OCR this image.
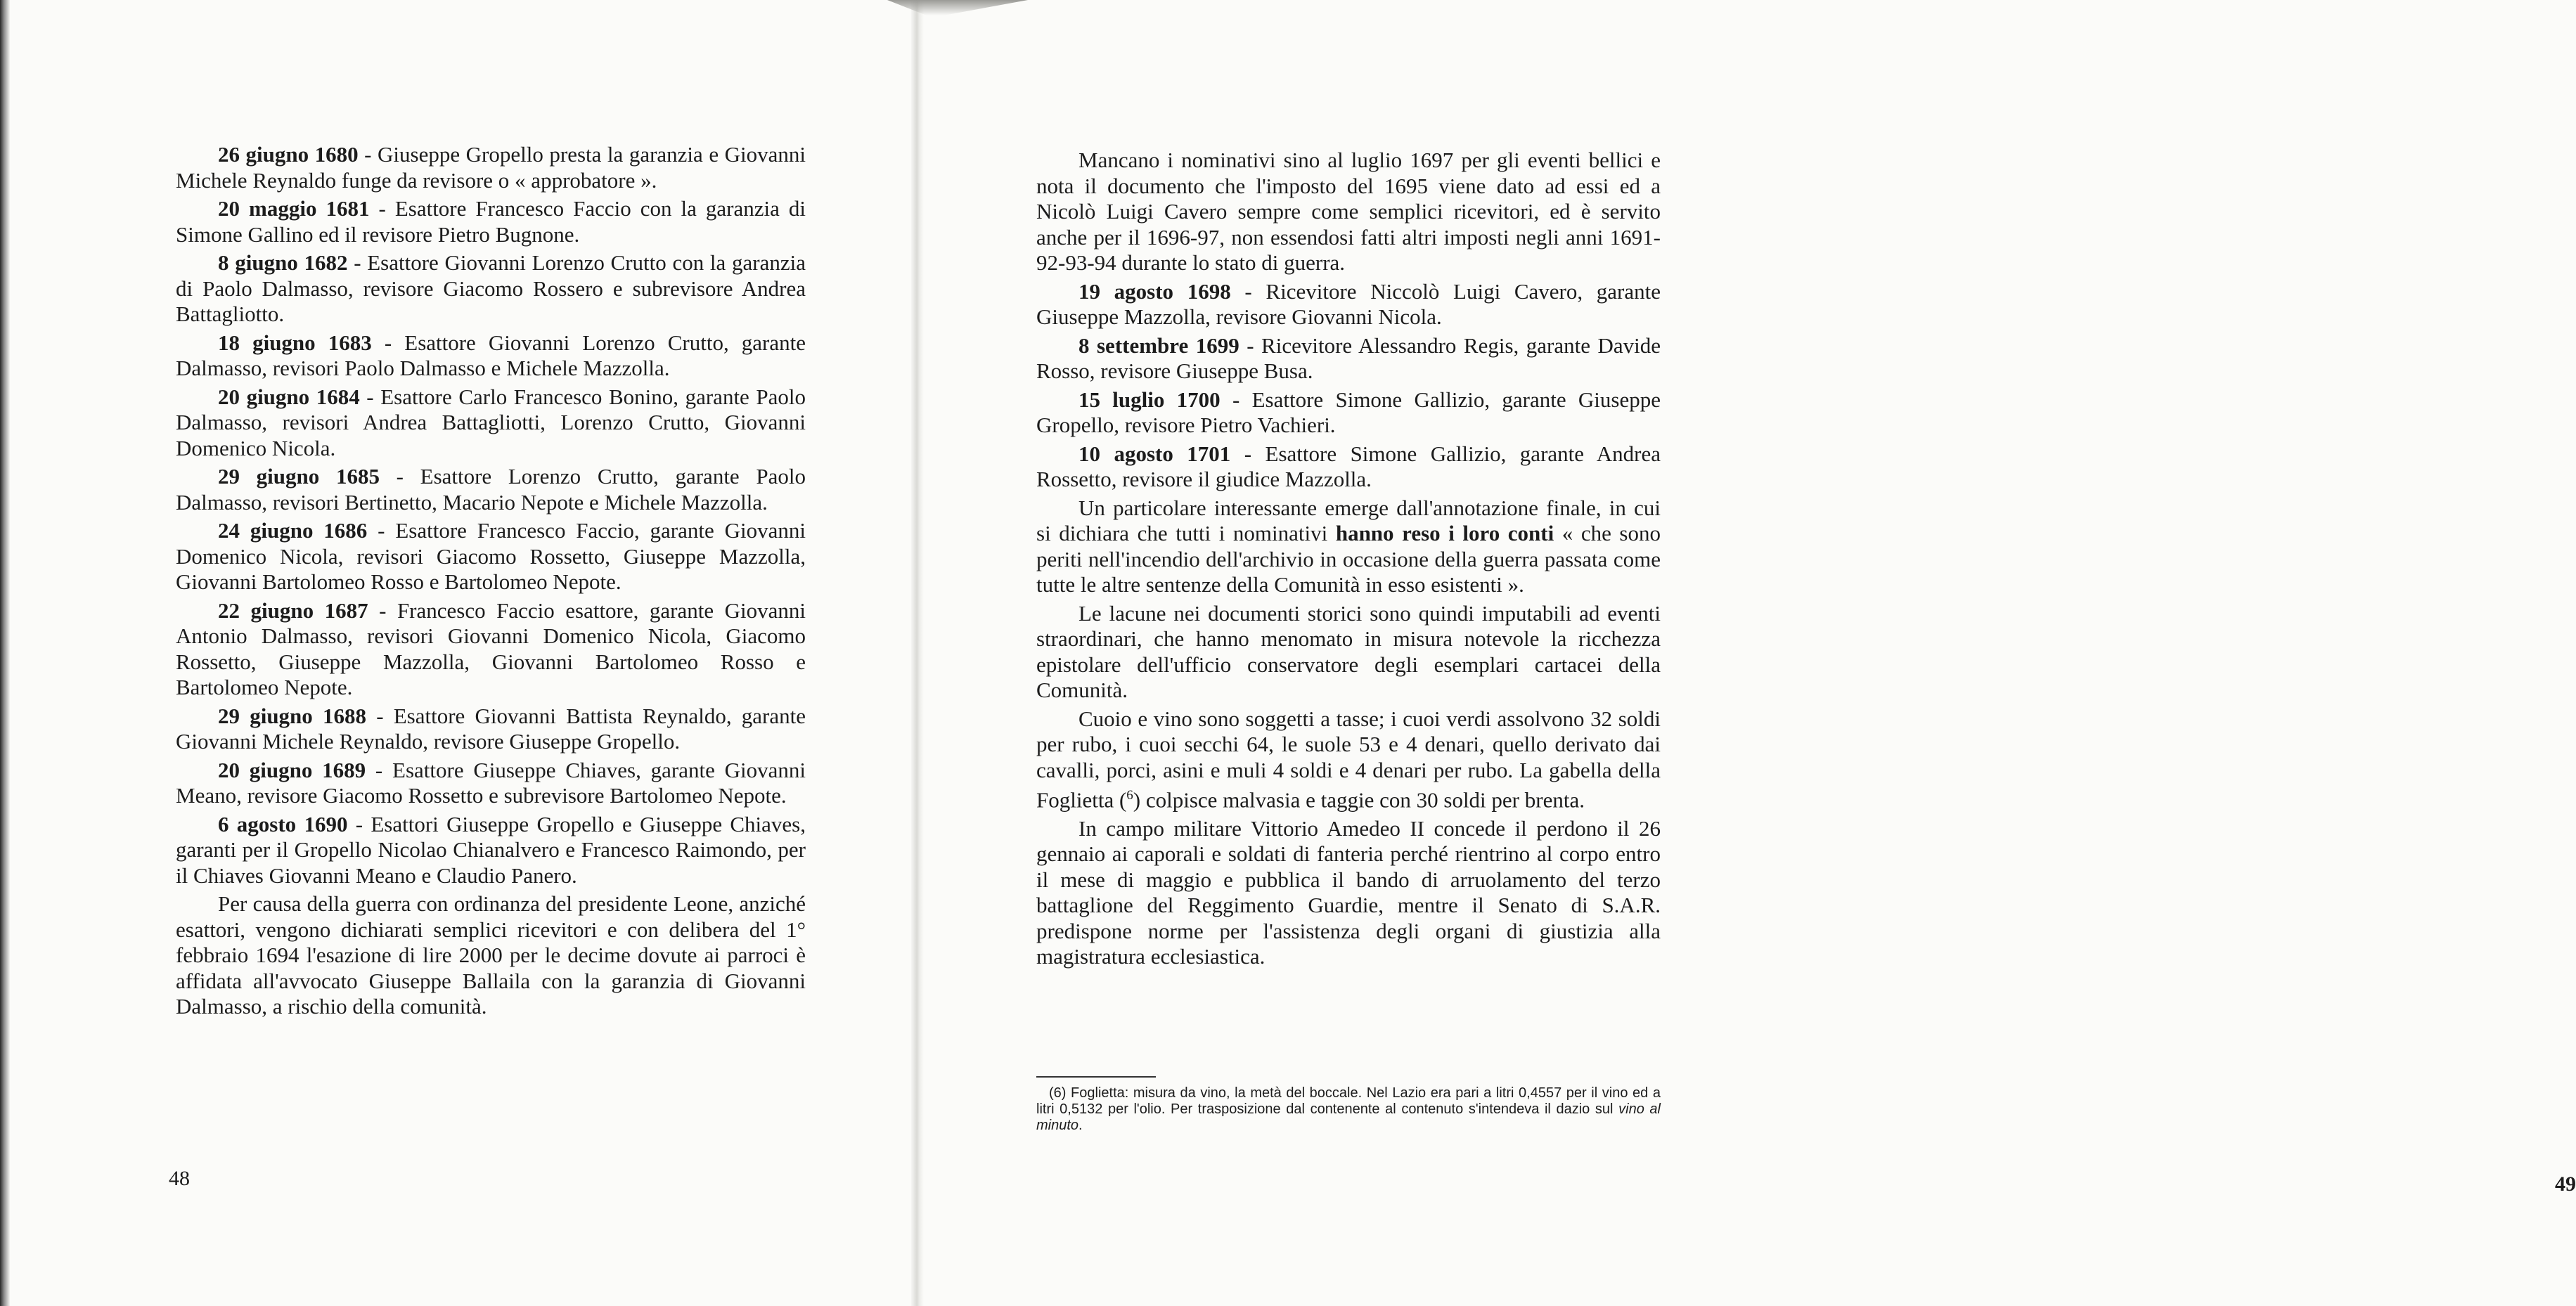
26 giugno 1680 - Giuseppe Gropello presta la garanzia e Giovanni Michele Reynaldo funge da revisore o « approbatore ».

20 maggio 1681 - Esattore Francesco Faccio con la garanzia di Simone Gallino ed il revisore Pietro Bugnone.

8 giugno 1682 - Esattore Giovanni Lorenzo Crutto con la garanzia di Paolo Dalmasso, revisore Giacomo Rossero e subrevisore Andrea Battagliotto.

18 giugno 1683 - Esattore Giovanni Lorenzo Crutto, garante Dalmasso, revisori Paolo Dalmasso e Michele Mazzolla.

20 giugno 1684 - Esattore Carlo Francesco Bonino, garante Paolo Dalmasso, revisori Andrea Battagliotti, Lorenzo Crutto, Giovanni Domenico Nicola.

29 giugno 1685 - Esattore Lorenzo Crutto, garante Paolo Dalmasso, revisori Bertinetto, Macario Nepote e Michele Mazzolla.

24 giugno 1686 - Esattore Francesco Faccio, garante Giovanni Domenico Nicola, revisori Giacomo Rossetto, Giuseppe Mazzolla, Giovanni Bartolomeo Rosso e Bartolomeo Nepote.

22 giugno 1687 - Francesco Faccio esattore, garante Giovanni Antonio Dalmasso, revisori Giovanni Domenico Nicola, Giacomo Rossetto, Giuseppe Mazzolla, Giovanni Bartolomeo Rosso e Bartolomeo Nepote.

29 giugno 1688 - Esattore Giovanni Battista Reynaldo, garante Giovanni Michele Reynaldo, revisore Giuseppe Gropello.

20 giugno 1689 - Esattore Giuseppe Chiaves, garante Giovanni Meano, revisore Giacomo Rossetto e subrevisore Bartolomeo Nepote.

6 agosto 1690 - Esattori Giuseppe Gropello e Giuseppe Chiaves, garanti per il Gropello Nicolao Chianalvero e Francesco Raimondo, per il Chiaves Giovanni Meano e Claudio Panero.

Per causa della guerra con ordinanza del presidente Leone, anziché esattori, vengono dichiarati semplici ricevitori e con delibera del 1° febbraio 1694 l'esazione di lire 2000 per le decime dovute ai parroci è affidata all'avvocato Giuseppe Ballaila con la garanzia di Giovanni Dalmasso, a rischio della comunità.

48

Mancano i nominativi sino al luglio 1697 per gli eventi bellici e nota il documento che l'imposto del 1695 viene dato ad essi ed a Nicolò Luigi Cavero sempre come semplici ricevitori, ed è servito anche per il 1696-97, non essendosi fatti altri imposti negli anni 1691-92-93-94 durante lo stato di guerra.

19 agosto 1698 - Ricevitore Niccolò Luigi Cavero, garante Giuseppe Mazzolla, revisore Giovanni Nicola.

8 settembre 1699 - Ricevitore Alessandro Regis, garante Davide Rosso, revisore Giuseppe Busa.

15 luglio 1700 - Esattore Simone Gallizio, garante Giuseppe Gropello, revisore Pietro Vachieri.

10 agosto 1701 - Esattore Simone Gallizio, garante Andrea Rossetto, revisore il giudice Mazzolla.

Un particolare interessante emerge dall'annotazione finale, in cui si dichiara che tutti i nominativi hanno reso i loro conti « che sono periti nell'incendio dell'archivio in occasione della guerra passata come tutte le altre sentenze della Comunità in esso esistenti ».

Le lacune nei documenti storici sono quindi imputabili ad eventi straordinari, che hanno menomato in misura notevole la ricchezza epistolare dell'ufficio conservatore degli esemplari cartacei della Comunità.

Cuoio e vino sono soggetti a tasse; i cuoi verdi assolvono 32 soldi per rubo, i cuoi secchi 64, le suole 53 e 4 denari, quello derivato dai cavalli, porci, asini e muli 4 soldi e 4 denari per rubo. La gabella della Foglietta ($^6$) colpisce malvasia e taggie con 30 soldi per brenta.

In campo militare Vittorio Amedeo II concede il perdono il 26 gennaio ai caporali e soldati di fanteria perché rientrino al corpo entro il mese di maggio e pubblica il bando di arruolamento del terzo battaglione del Reggimento Guardie, mentre il Senato di S.A.R. predispone norme per l'assistenza degli organi di giustizia alla magistratura ecclesiastica.

49
(6) Foglietta: misura da vino, la metà del boccale. Nel Lazio era pari a litri 0,4557 per il vino ed a litri 0,5132 per l'olio. Per trasposizione dal contenente al contenuto s'intendeva il dazio sul vino al minuto.
